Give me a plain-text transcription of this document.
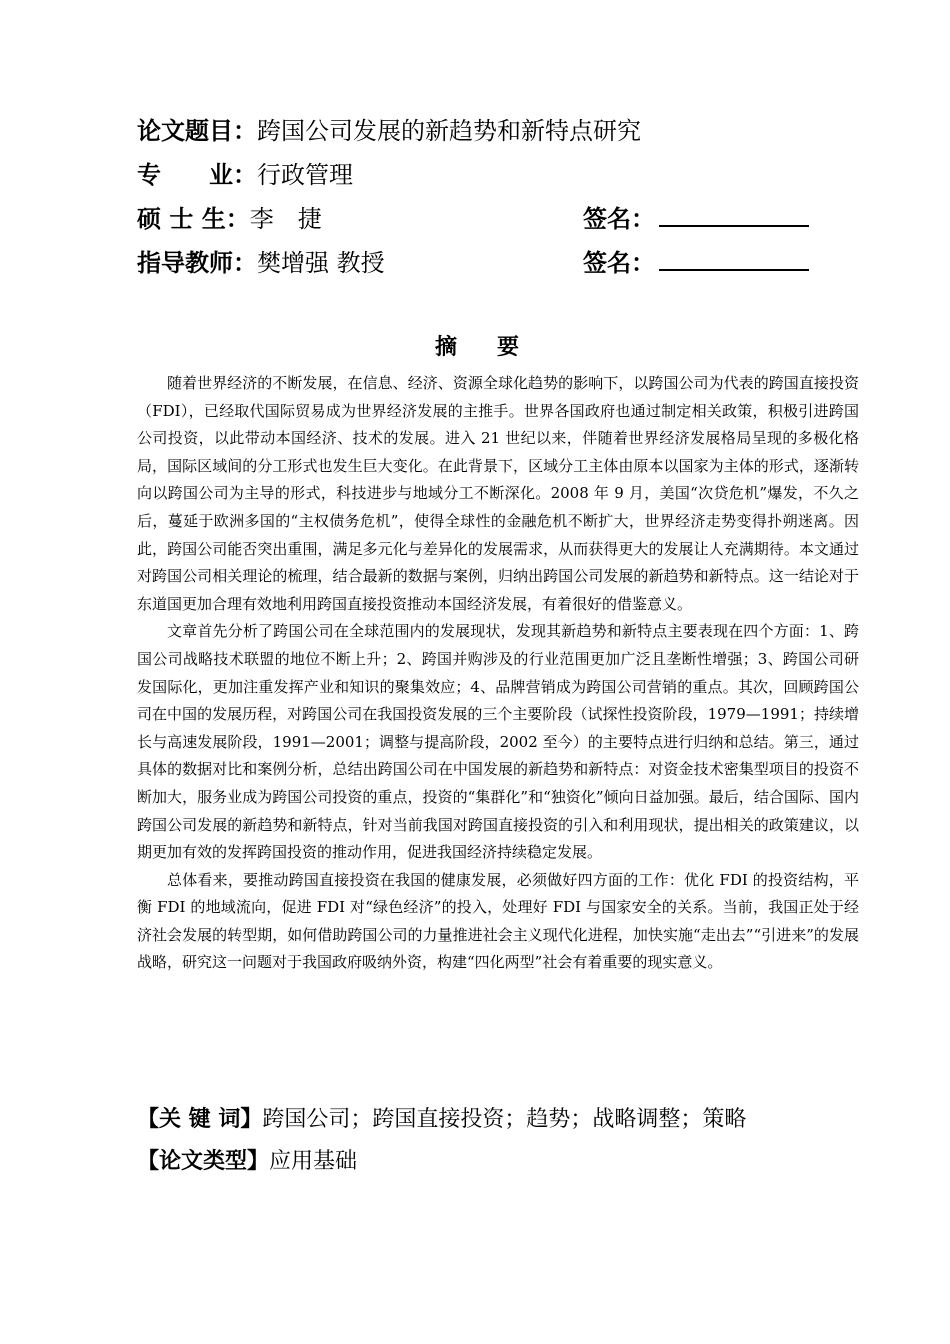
论文题目：跨国公司发展的新趋势和新特点研究
专　　业：行政管理
硕 士 生：李　捷	签名：
指导教师：樊增强 教授	签名：
摘要

随着世界经济的不断发展，在信息、经济、资源全球化趋势的影响下，以跨国公司为代表的跨国直接投资（FDI），已经取代国际贸易成为世界经济发展的主推手。世界各国政府也通过制定相关政策，积极引进跨国公司投资，以此带动本国经济、技术的发展。进入 21 世纪以来，伴随着世界经济发展格局呈现的多极化格局，国际区域间的分工形式也发生巨大变化。在此背景下，区域分工主体由原本以国家为主体的形式，逐渐转向以跨国公司为主导的形式，科技进步与地域分工不断深化。2008 年 9 月，美国“次贷危机”爆发，不久之后，蔓延于欧洲多国的“主权债务危机”，使得全球性的金融危机不断扩大，世界经济走势变得扑朔迷离。因此，跨国公司能否突出重围，满足多元化与差异化的发展需求，从而获得更大的发展让人充满期待。本文通过对跨国公司相关理论的梳理，结合最新的数据与案例，归纳出跨国公司发展的新趋势和新特点。这一结论对于东道国更加合理有效地利用跨国直接投资推动本国经济发展，有着很好的借鉴意义。

文章首先分析了跨国公司在全球范围内的发展现状，发现其新趋势和新特点主要表现在四个方面：1、跨国公司战略技术联盟的地位不断上升；2、跨国并购涉及的行业范围更加广泛且垄断性增强；3、跨国公司研发国际化，更加注重发挥产业和知识的聚集效应；4、品牌营销成为跨国公司营销的重点。其次，回顾跨国公司在中国的发展历程，对跨国公司在我国投资发展的三个主要阶段（试探性投资阶段，1979—1991；持续增长与高速发展阶段，1991—2001；调整与提高阶段，2002 至今）的主要特点进行归纳和总结。第三，通过具体的数据对比和案例分析，总结出跨国公司在中国发展的新趋势和新特点：对资金技术密集型项目的投资不断加大，服务业成为跨国公司投资的重点，投资的“集群化”和“独资化”倾向日益加强。最后，结合国际、国内跨国公司发展的新趋势和新特点，针对当前我国对跨国直接投资的引入和利用现状，提出相关的政策建议，以期更加有效的发挥跨国投资的推动作用，促进我国经济持续稳定发展。

总体看来，要推动跨国直接投资在我国的健康发展，必须做好四方面的工作：优化 FDI 的投资结构，平衡 FDI 的地域流向，促进 FDI 对“绿色经济”的投入，处理好 FDI 与国家安全的关系。当前，我国正处于经济社会发展的转型期，如何借助跨国公司的力量推进社会主义现代化进程，加快实施“走出去”“引进来”的发展战略，研究这一问题对于我国政府吸纳外资，构建“四化两型”社会有着重要的现实意义。

【关 键 词】跨国公司；跨国直接投资；趋势；战略调整；策略
【论文类型】应用基础
